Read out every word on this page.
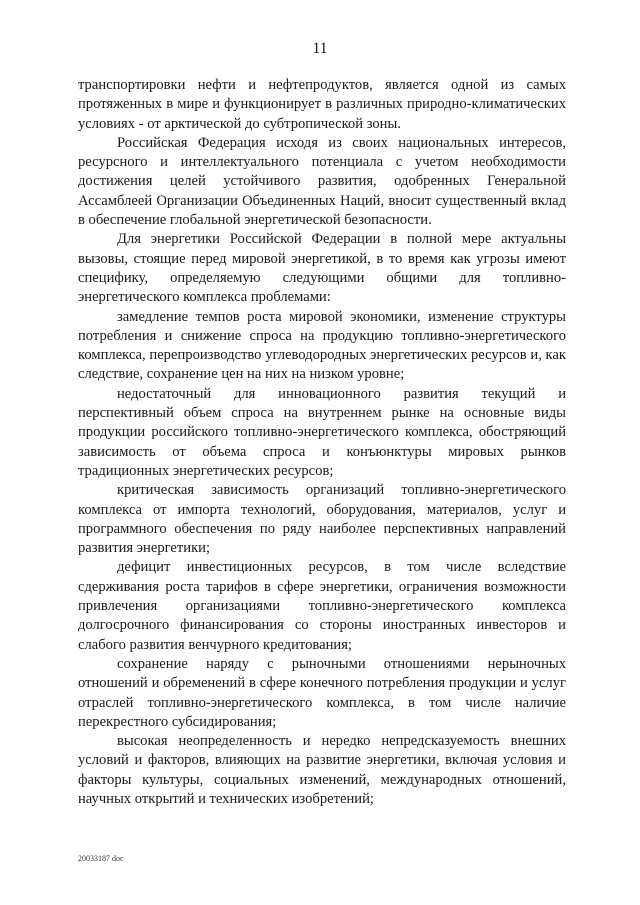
11

транспортировки нефти и нефтепродуктов, является одной из самых протяженных в мире и функционирует в различных природно-климатических условиях - от арктической до субтропической зоны.

Российская Федерация исходя из своих национальных интересов, ресурсного и интеллектуального потенциала с учетом необходимости достижения целей устойчивого развития, одобренных Генеральной Ассамблеей Организации Объединенных Наций, вносит существенный вклад в обеспечение глобальной энергетической безопасности.

Для энергетики Российской Федерации в полной мере актуальны вызовы, стоящие перед мировой энергетикой, в то время как угрозы имеют специфику, определяемую следующими общими для топливно-энергетического комплекса проблемами:

замедление темпов роста мировой экономики, изменение структуры потребления и снижение спроса на продукцию топливно-энергетического комплекса, перепроизводство углеводородных энергетических ресурсов и, как следствие, сохранение цен на них на низком уровне;

недостаточный для инновационного развития текущий и перспективный объем спроса на внутреннем рынке на основные виды продукции российского топливно-энергетического комплекса, обостряющий зависимость от объема спроса и конъюнктуры мировых рынков традиционных энергетических ресурсов;

критическая зависимость организаций топливно-энергетического комплекса от импорта технологий, оборудования, материалов, услуг и программного обеспечения по ряду наиболее перспективных направлений развития энергетики;

дефицит инвестиционных ресурсов, в том числе вследствие сдерживания роста тарифов в сфере энергетики, ограничения возможности привлечения организациями топливно-энергетического комплекса долгосрочного финансирования со стороны иностранных инвесторов и слабого развития венчурного кредитования;

сохранение наряду с рыночными отношениями нерыночных отношений и обременений в сфере конечного потребления продукции и услуг отраслей топливно-энергетического комплекса, в том числе наличие перекрестного субсидирования;

высокая неопределенность и нередко непредсказуемость внешних условий и факторов, влияющих на развитие энергетики, включая условия и факторы культуры, социальных изменений, международных отношений, научных открытий и технических изобретений;

20033187 doc
